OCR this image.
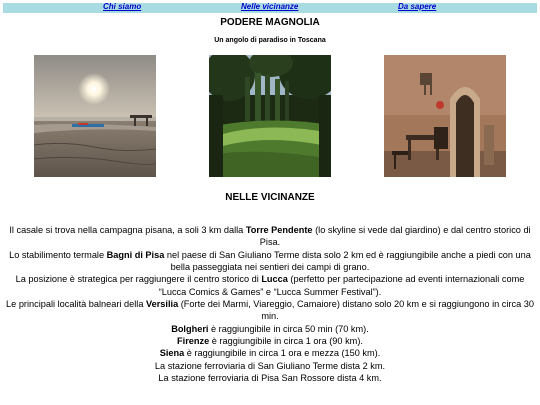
Chi siamo	Nelle vicinanze	Da sapere
PODERE MAGNOLIA
Un angolo di paradiso in Toscana
NELLE VICINANZE

Il casale si trova nella campagna pisana, a soli 3 km dalla Torre Pendente (lo skyline si vede dal giardino) e dal centro storico di Pisa.

Lo stabilimento termale Bagni di Pisa nel paese di San Giuliano Terme dista solo 2 km ed è raggiungibile anche a piedi con una bella passeggiata nei sentieri dei campi di grano.

La posizione è strategica per raggiungere il centro storico di Lucca (perfetto per partecipazione ad eventi internazionali come “Lucca Comics & Games” e “Lucca Summer Festival”).

Le principali località balneari della Versilia (Forte dei Marmi, Viareggio, Camaiore) distano solo 20 km e si raggiungono in circa 30 min.

Bolgheri è raggiungibile in circa 50 min (70 km).

Firenze è raggiungibile in circa 1 ora (90 km).

Siena è raggiungibile in circa 1 ora e mezza (150 km).

La stazione ferroviaria di San Giuliano Terme dista 2 km.

La stazione ferroviaria di Pisa San Rossore dista 4 km.
